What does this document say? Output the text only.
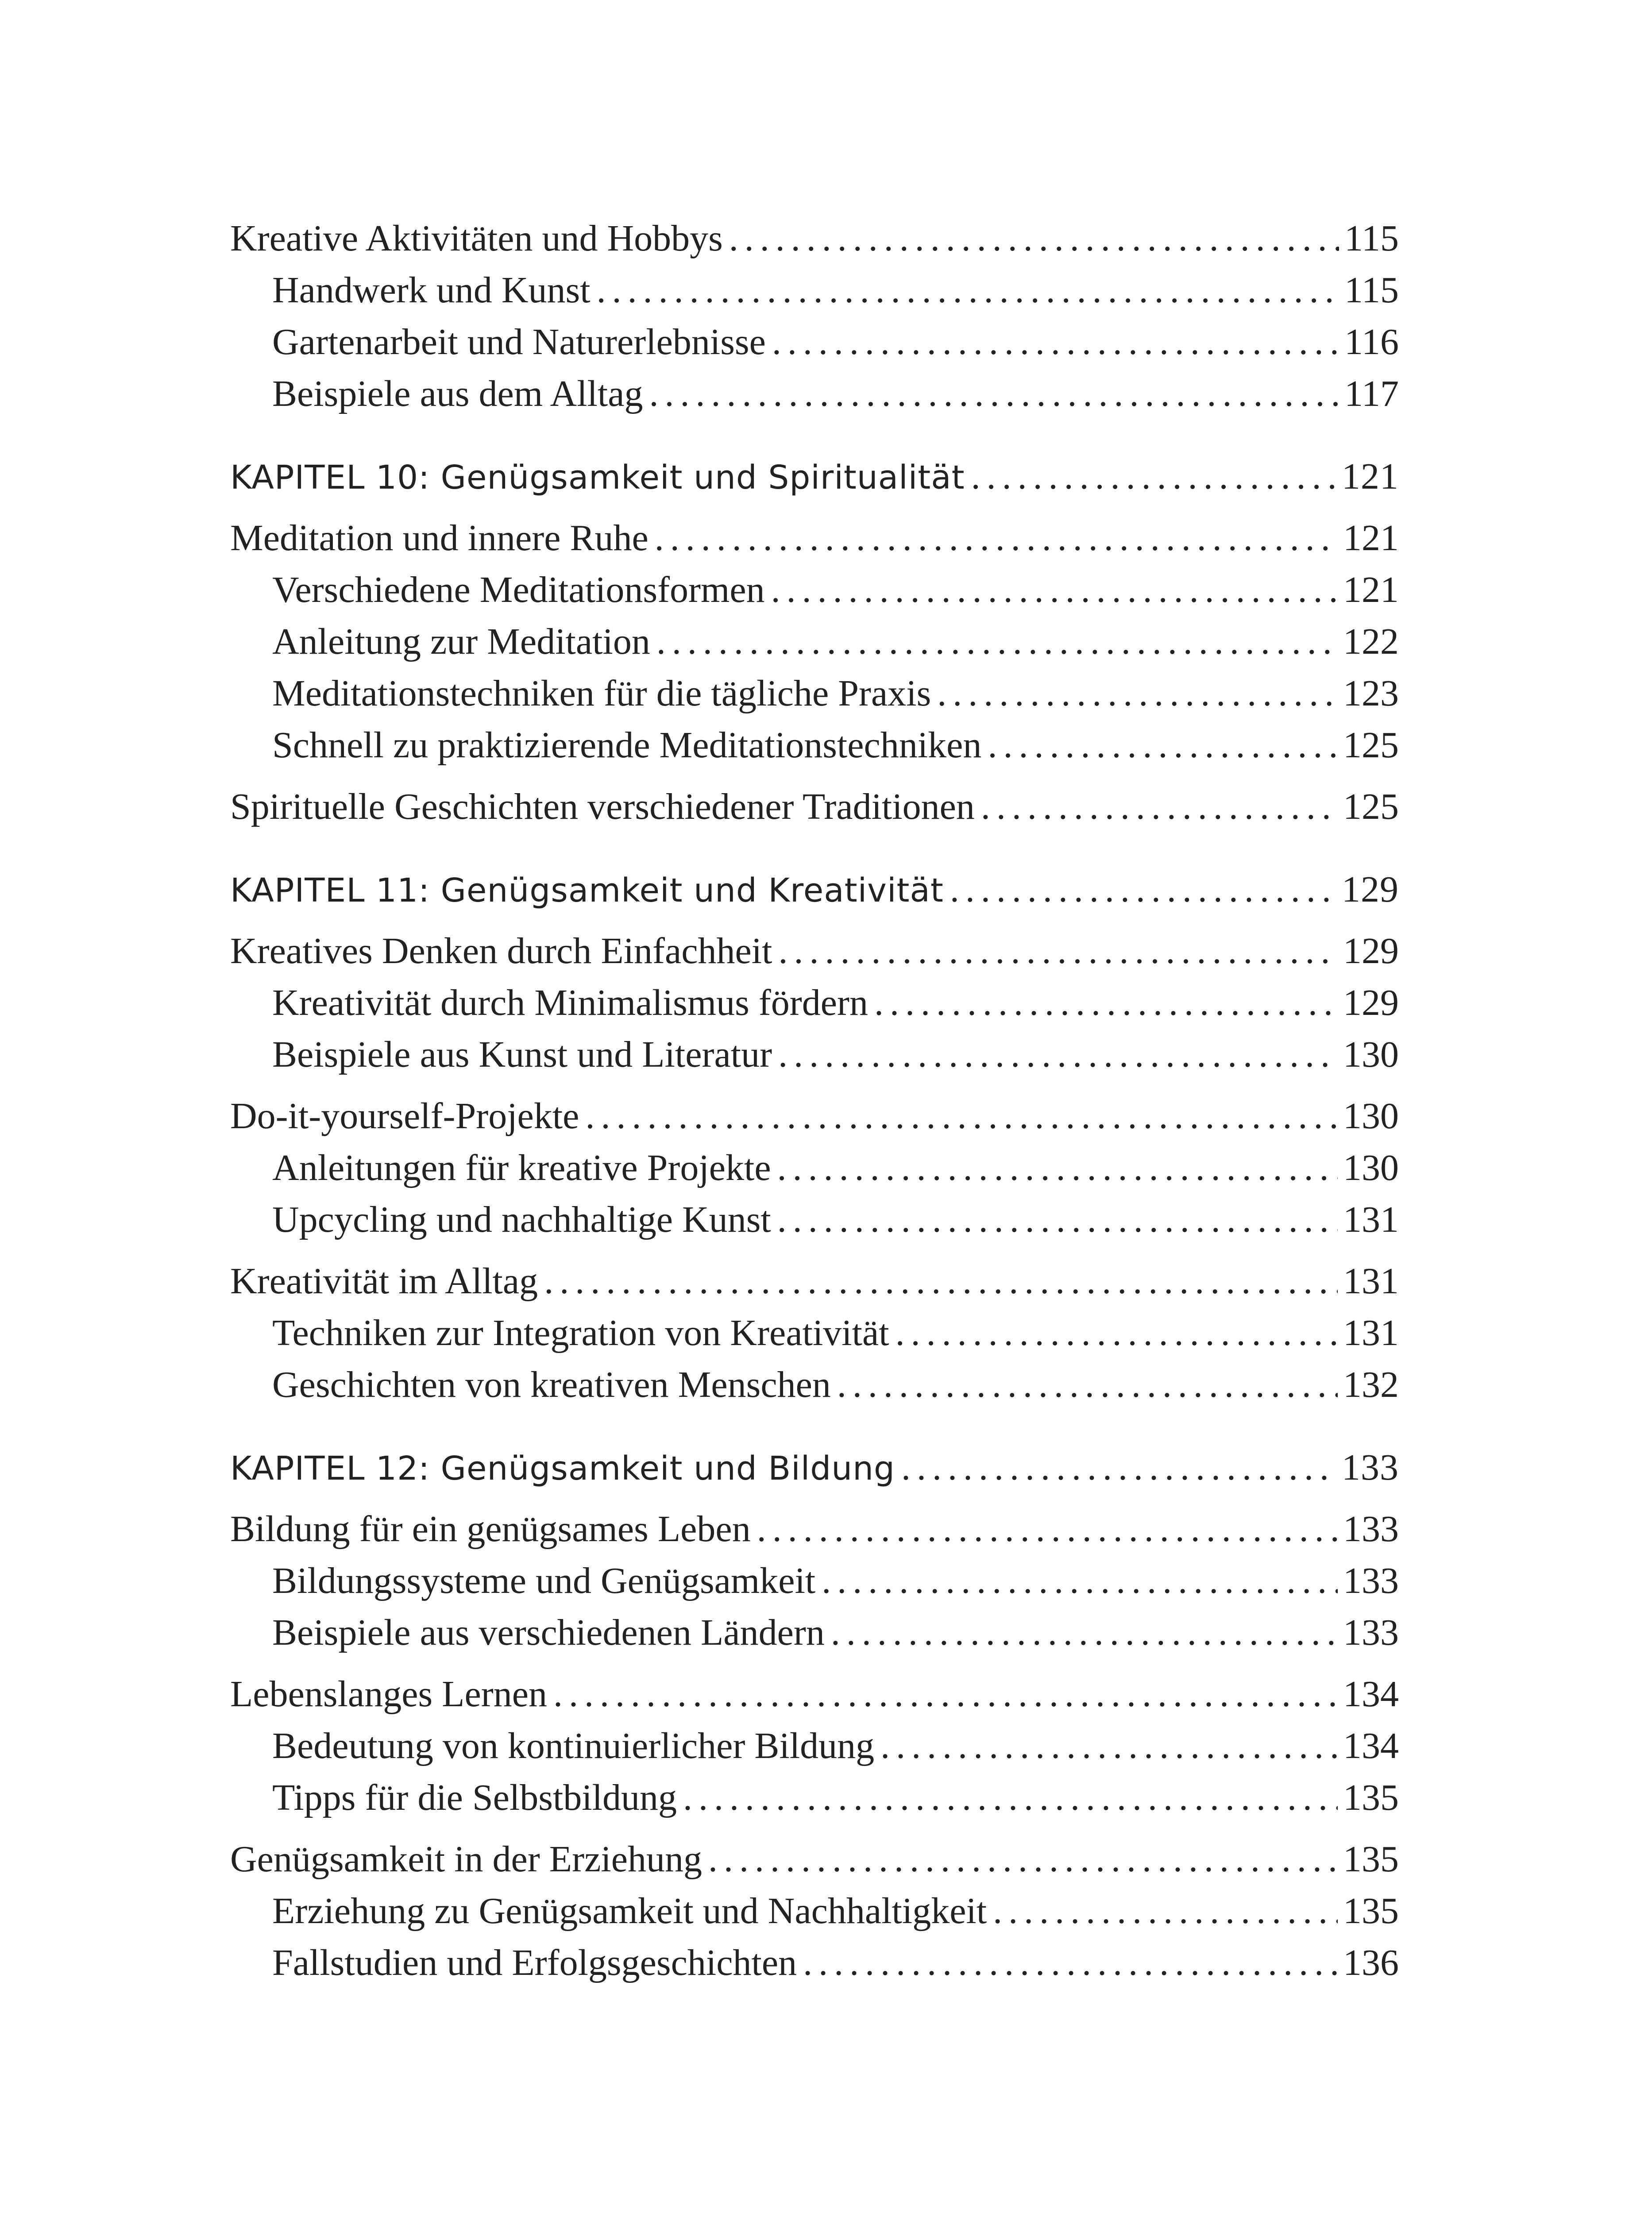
Kreative Aktivitäten und Hobbys .....	115
Handwerk und Kunst .....	115
Gartenarbeit und Naturerlebnisse .....	116
Beispiele aus dem Alltag .....	117
KAPITEL 10: Genügsamkeit und Spiritualität .....	121
Meditation und innere Ruhe .....	121
Verschiedene Meditationsformen .....	121
Anleitung zur Meditation .....	122
Meditationstechniken für die tägliche Praxis .....	123
Schnell zu praktizierende Meditationstechniken .....	125
Spirituelle Geschichten verschiedener Traditionen .....	125
KAPITEL 11: Genügsamkeit und Kreativität .....	129
Kreatives Denken durch Einfachheit .....	129
Kreativität durch Minimalismus fördern .....	129
Beispiele aus Kunst und Literatur .....	130
Do-it-yourself-Projekte .....	130
Anleitungen für kreative Projekte .....	130
Upcycling und nachhaltige Kunst .....	131
Kreativität im Alltag .....	131
Techniken zur Integration von Kreativität .....	131
Geschichten von kreativen Menschen .....	132
KAPITEL 12: Genügsamkeit und Bildung .....	133
Bildung für ein genügsames Leben .....	133
Bildungssysteme und Genügsamkeit .....	133
Beispiele aus verschiedenen Ländern .....	133
Lebenslanges Lernen .....	134
Bedeutung von kontinuierlicher Bildung .....	134
Tipps für die Selbstbildung .....	135
Genügsamkeit in der Erziehung .....	135
Erziehung zu Genügsamkeit und Nachhaltigkeit .....	135
Fallstudien und Erfolgsgeschichten .....	136
